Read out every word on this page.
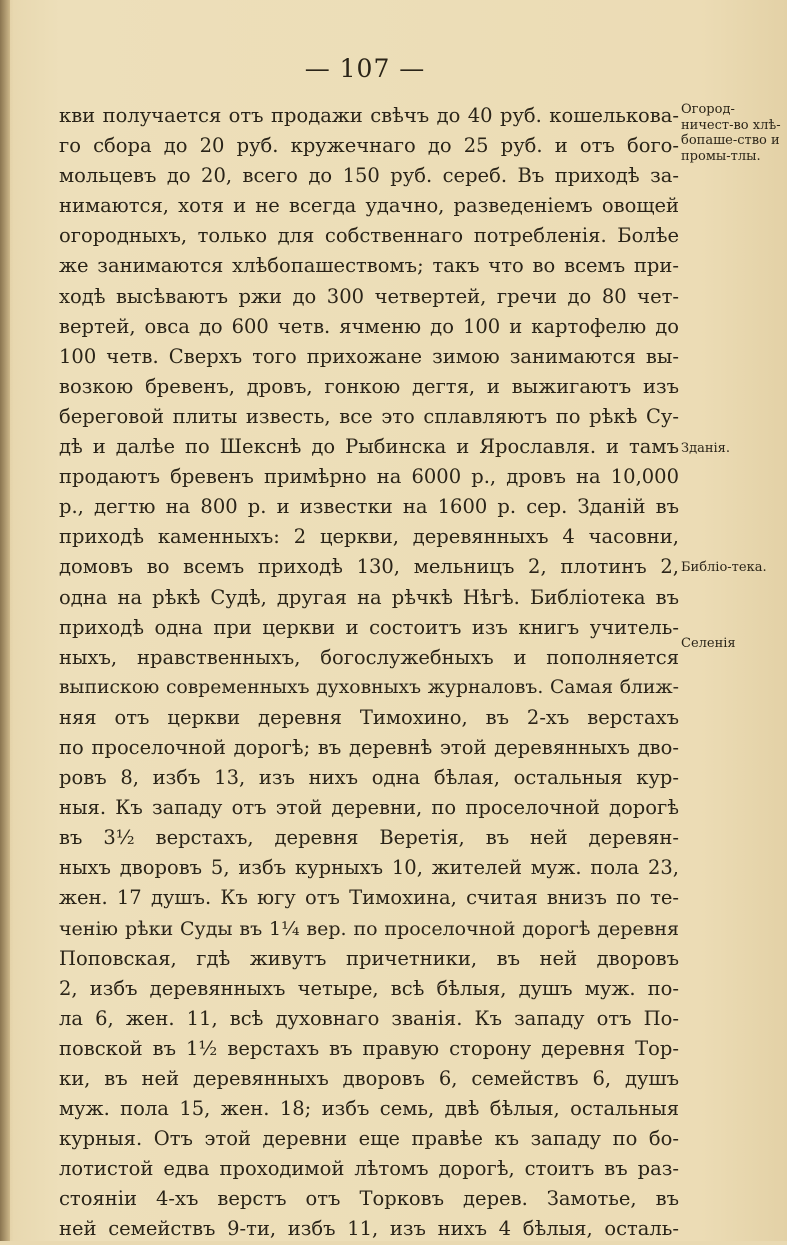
— 107 —
кви получается отъ продажи свѣчъ до 40 руб. кошелькова-
го сбора до 20 руб. кружечнаго до 25 руб. и отъ бого-
мольцевъ до 20, всего до 150 руб. сереб. Въ приходѣ за-
нимаются, хотя и не всегда удачно, разведеніемъ овощей
огородныхъ, только для собственнаго потребленія. Болѣе
же занимаются хлѣбопашествомъ; такъ что во всемъ при-
ходѣ высѣваютъ ржи до 300 четвертей, гречи до 80 чет-
вертей, овса до 600 четв. ячменю до 100 и картофелю до
100 четв. Сверхъ того прихожане зимою занимаются вы-
возкою бревенъ, дровъ, гонкою дегтя, и выжигаютъ изъ
береговой плиты известь, все это сплавляютъ по рѣкѣ Су-
дѣ и далѣе по Шекснѣ до Рыбинска и Ярославля. и тамъ
продаютъ бревенъ примѣрно на 6000 р., дровъ на 10,000
р., дегтю на 800 р. и известки на 1600 р. сер. Зданій въ
приходѣ каменныхъ: 2 церкви, деревянныхъ 4 часовни,
домовъ во всемъ приходѣ 130, мельницъ 2, плотинъ 2,
одна на рѣкѣ Судѣ, другая на рѣчкѣ Нѣгѣ. Библіотека въ
приходѣ одна при церкви и состоитъ изъ книгъ учитель-
ныхъ, нравственныхъ, богослужебныхъ и пополняется
выпискою современныхъ духовныхъ журналовъ. Самая ближ-
няя отъ церкви деревня Тимохино, въ 2-хъ верстахъ
по проселочной дорогѣ; въ деревнѣ этой деревянныхъ дво-
ровъ 8, избъ 13, изъ нихъ одна бѣлая, остальныя кур-
ныя. Къ западу отъ этой деревни, по проселочной дорогѣ
въ 3½ верстахъ, деревня Веретія, въ ней деревян-
ныхъ дворовъ 5, избъ курныхъ 10, жителей муж. пола 23,
жен. 17 душъ. Къ югу отъ Тимохина, считая внизъ по те-
ченію рѣки Суды въ 1¼ вер. по проселочной дорогѣ деревня
Поповская, гдѣ живутъ причетники, въ ней дворовъ
2, избъ деревянныхъ четыре, всѣ бѣлыя, душъ муж. по-
ла 6, жен. 11, всѣ духовнаго званія. Къ западу отъ По-
повской въ 1½ верстахъ въ правую сторону деревня Тор-
ки, въ ней деревянныхъ дворовъ 6, семействъ 6, душъ
муж. пола 15, жен. 18; избъ семь, двѣ бѣлыя, остальныя
курныя. Отъ этой деревни еще правѣе къ западу по бо-
лотистой едва проходимой лѣтомъ дорогѣ, стоитъ въ раз-
стояніи 4-хъ верстъ отъ Торковъ дерев. Замотье, въ
ней семействъ 9-ти, избъ 11, изъ нихъ 4 бѣлыя, осталь-
Огород-ничест-во хлѣ-бопаше-ство и промы-тлы.
Зданія.
Библіо-тека.
Селенія
